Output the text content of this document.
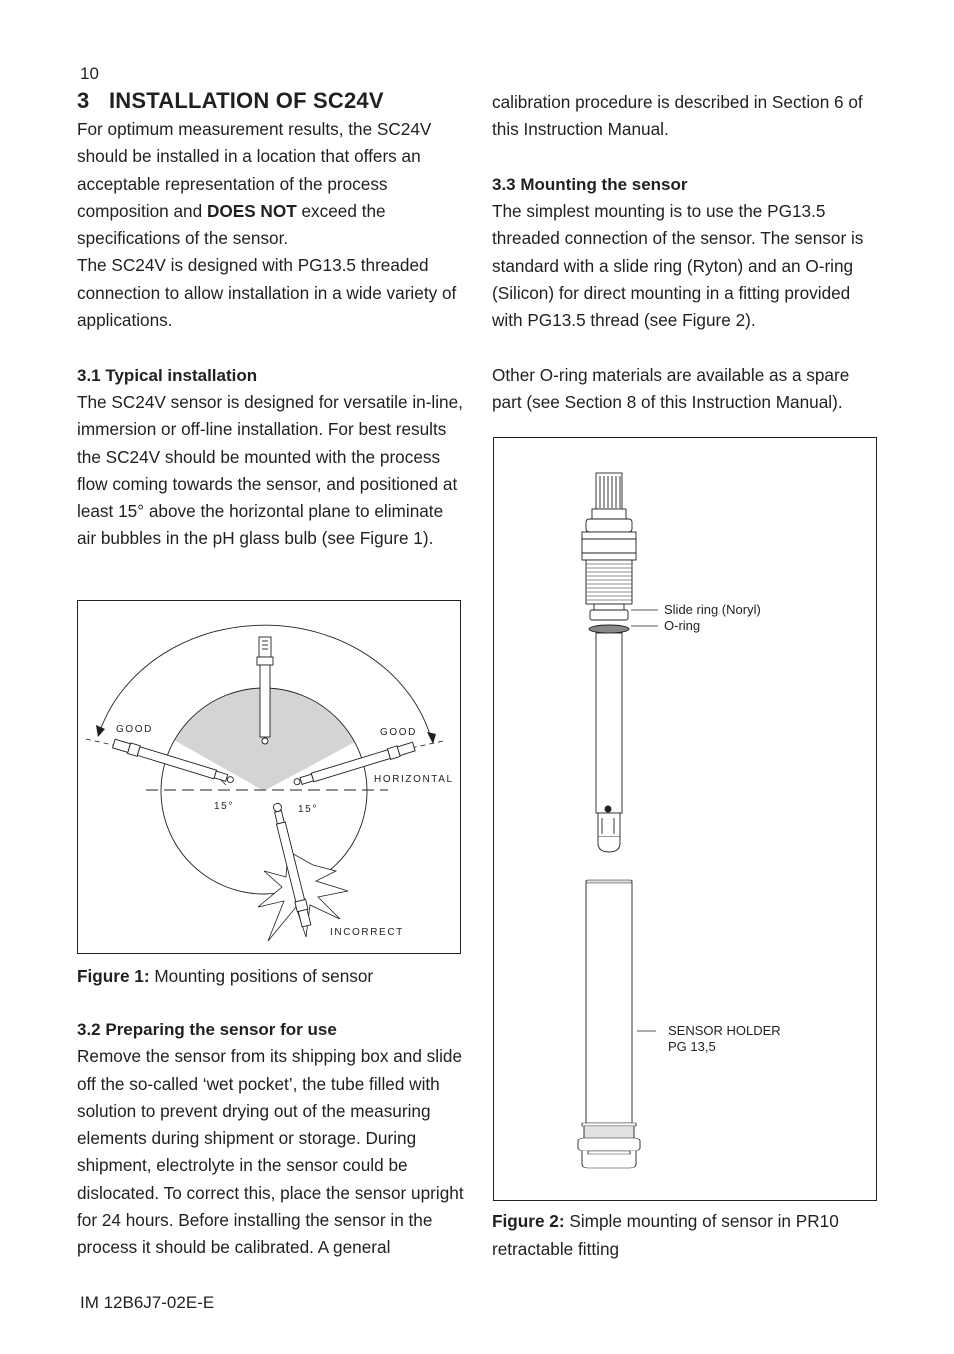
10
3 INSTALLATION OF SC24V

For optimum measurement results, the SC24V should be installed in a location that offers an acceptable representation of the process composition and DOES NOT exceed the specifications of the sensor.

The SC24V is designed with PG13.5 threaded connection to allow installation in a wide variety of applications.

3.1 Typical installation

The SC24V sensor is designed for versatile in-line, immersion or off-line installation. For best results the SC24V should be mounted with the process flow coming towards the sensor, and positioned at least 15° above the horizontal plane to eliminate air bubbles in the pH glass bulb (see Figure 1).

GOOD	GOOD
HORIZONTAL
15°	15°
INCORRECT
Figure 1: Mounting positions of sensor
3.2 Preparing the sensor for use

Remove the sensor from its shipping box and slide off the so-called ‘wet pocket’, the tube filled with solution to prevent drying out of the measuring elements during shipment or storage. During shipment, electrolyte in the sensor could be dislocated. To correct this, place the sensor upright for 24 hours. Before installing the sensor in the process it should be calibrated. A general

calibration procedure is described in Section 6 of this Instruction Manual.

3.3 Mounting the sensor

The simplest mounting is to use the PG13.5 threaded connection of the sensor. The sensor is standard with a slide ring (Ryton) and an O-ring (Silicon) for direct mounting in a fitting provided with PG13.5 thread (see Figure 2).

Other O-ring materials are available as a spare part (see Section 8 of this Instruction Manual).

Slide ring (Noryl)
O-ring
SENSOR HOLDER
PG 13,5
Figure 2: Simple mounting of sensor in PR10 retractable fitting
IM 12B6J7-02E-E
